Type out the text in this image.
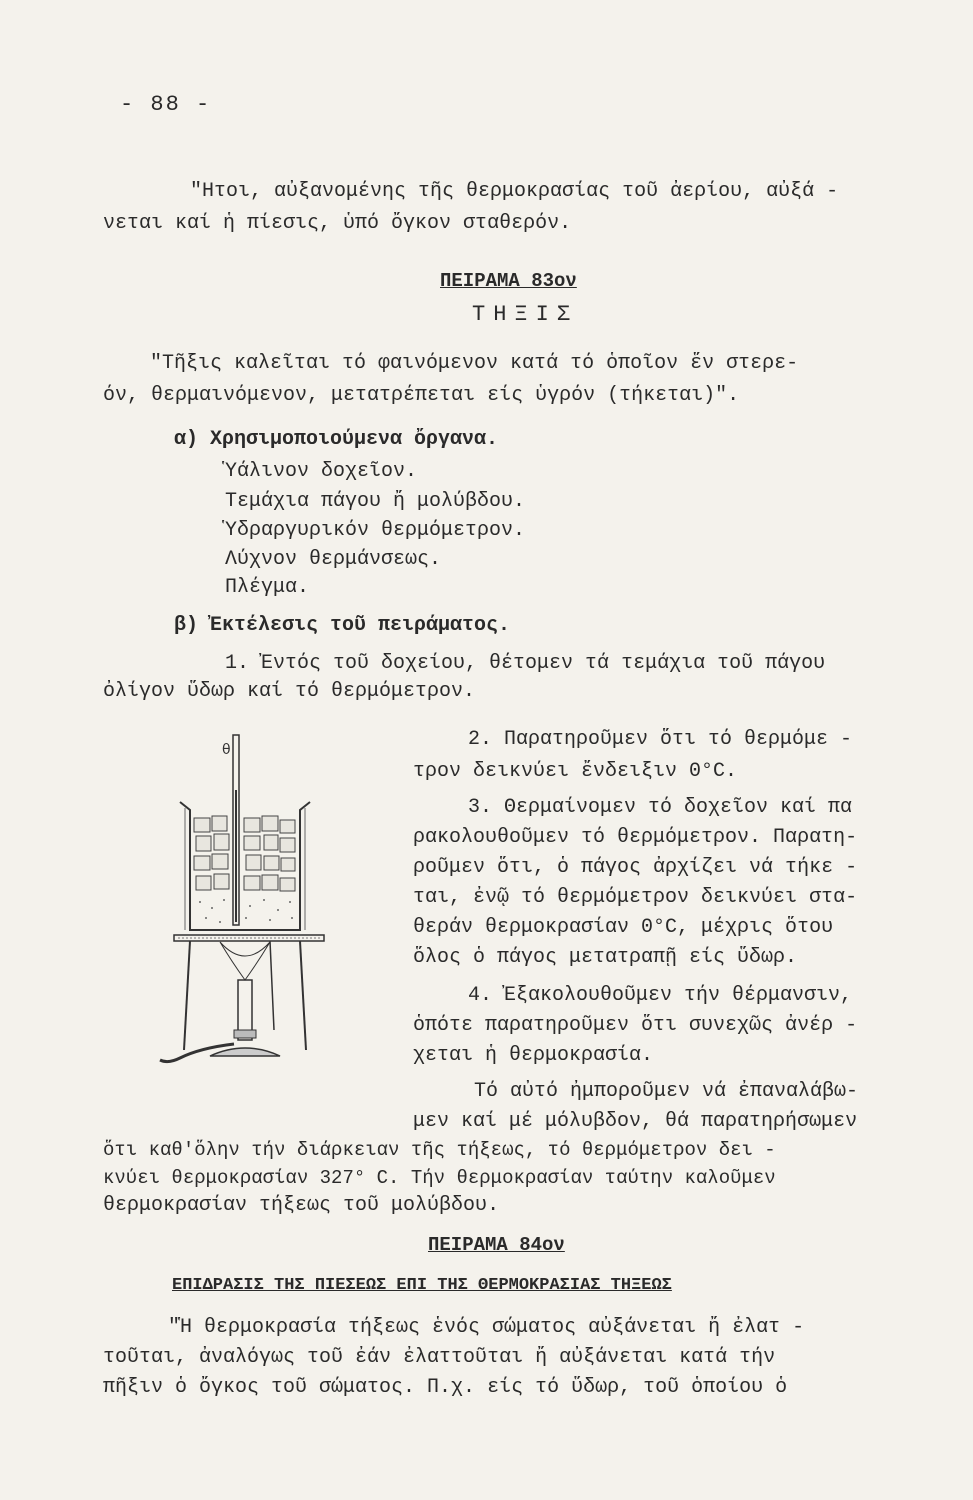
- 88 -
"Ητοι, αὐξανομένης τῆς θερμοκρασίας τοῦ ἀερίου, αὐξά -
νεται καί ἡ πίεσις, ὑπό ὄγκον σταθερόν.
ΠΕΙΡΑΜΑ 83ον
ΤΗΞΙΣ
"Τῆξις καλεῖται τό φαινόμενον κατά τό ὁποῖον ἕν στερε-
όν, θερμαινόμενον, μετατρέπεται είς ὑγρόν (τήκεται)".
α) Χρησιμοποιούμενα ὄργανα.
Ὑάλινον δοχεῖον.
Τεμάχια πάγου ἤ μολύβδου.
Ὑδραργυρικόν θερμόμετρον.
Λύχνον θερμάνσεως.
Πλέγμα.
β) Ἐκτέλεσις τοῦ πειράματος.
1. Ἐντός τοῦ δοχείου, θέτομεν τά τεμάχια τοῦ πάγου
ὀλίγον ὕδωρ καί τό θερμόμετρον.
θ	2. Παρατηροῦμεν ὅτι τό θερμόμε -
τρον δεικνύει ἔνδειξιν 0°C.
3. Θερμαίνομεν τό δοχεῖον καί πα
ρακολουθοῦμεν τό θερμόμετρον. Παρατη-
ροῦμεν ὅτι, ὁ πάγος ἀρχίζει νά τήκε -
ται, ἐνῷ τό θερμόμετρον δεικνύει στα-
θεράν θερμοκρασίαν 0°C, μέχρις ὅτου
ὅλος ὁ πάγος μετατραπῇ είς ὕδωρ.
4. Ἐξακολουθοῦμεν τήν θέρμανσιν,
ὁπότε παρατηροῦμεν ὅτι συνεχῶς ἀνέρ -
χεται ἡ θερμοκρασία.
Τό αὐτό ἠμποροῦμεν νά ἐπαναλάβω-
μεν καί μέ μόλυβδον, θά παρατηρήσωμεν
ὅτι καθ'ὅλην τήν διάρκειαν τῆς τήξεως, τό θερμόμετρον δει -
κνύει θερμοκρασίαν 327° C. Τήν θερμοκρασίαν ταύτην καλοῦμεν
θερμοκρασίαν τήξεως τοῦ μολύβδου.
ΠΕΙΡΑΜΑ 84ον
ΕΠΙΔΡΑΣΙΣ ΤΗΣ ΠΙΕΣΕΩΣ ΕΠΙ ΤΗΣ ΘΕΡΜΟΚΡΑΣΙΑΣ ΤΗΞΕΩΣ
"Ἡ θερμοκρασία τήξεως ἑνός σώματος αὐξάνεται ἤ ἐλατ -
τοῦται, ἀναλόγως τοῦ ἐάν ἐλαττοῦται ἤ αὐξάνεται κατά τήν
πῆξιν ὁ ὄγκος τοῦ σώματος. Π.χ. είς τό ὕδωρ, τοῦ ὁποίου ὁ
